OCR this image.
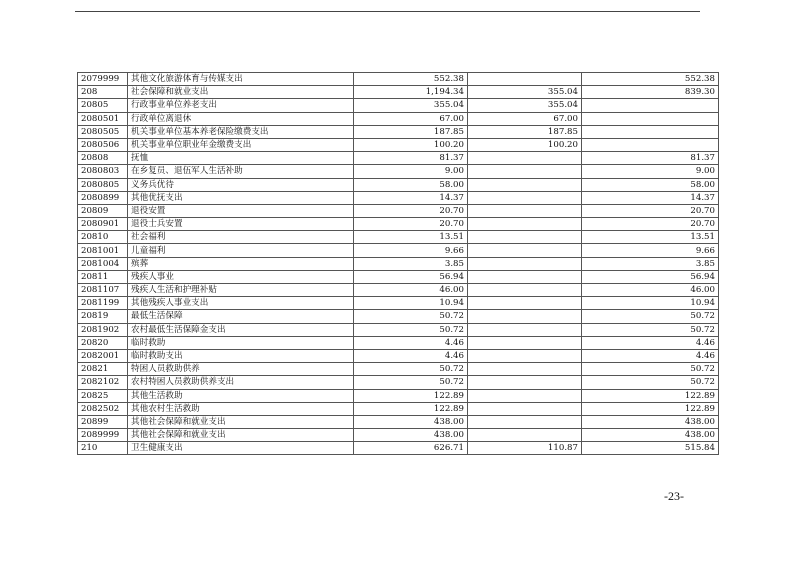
2079999	其他文化旅游体育与传媒支出	552.38		552.38
208	社会保障和就业支出	1,194.34	355.04	839.30
20805	行政事业单位养老支出	355.04	355.04	
2080501	行政单位离退休	67.00	67.00	
2080505	机关事业单位基本养老保险缴费支出	187.85	187.85	
2080506	机关事业单位职业年金缴费支出	100.20	100.20	
20808	抚恤	81.37		81.37
2080803	在乡复员、退伍军人生活补助	9.00		9.00
2080805	义务兵优待	58.00		58.00
2080899	其他优抚支出	14.37		14.37
20809	退役安置	20.70		20.70
2080901	退役士兵安置	20.70		20.70
20810	社会福利	13.51		13.51
2081001	儿童福利	9.66		9.66
2081004	殡葬	3.85		3.85
20811	残疾人事业	56.94		56.94
2081107	残疾人生活和护理补贴	46.00		46.00
2081199	其他残疾人事业支出	10.94		10.94
20819	最低生活保障	50.72		50.72
2081902	农村最低生活保障金支出	50.72		50.72
20820	临时救助	4.46		4.46
2082001	临时救助支出	4.46		4.46
20821	特困人员救助供养	50.72		50.72
2082102	农村特困人员救助供养支出	50.72		50.72
20825	其他生活救助	122.89		122.89
2082502	其他农村生活救助	122.89		122.89
20899	其他社会保障和就业支出	438.00		438.00
2089999	其他社会保障和就业支出	438.00		438.00
210	卫生健康支出	626.71	110.87	515.84
-23-
